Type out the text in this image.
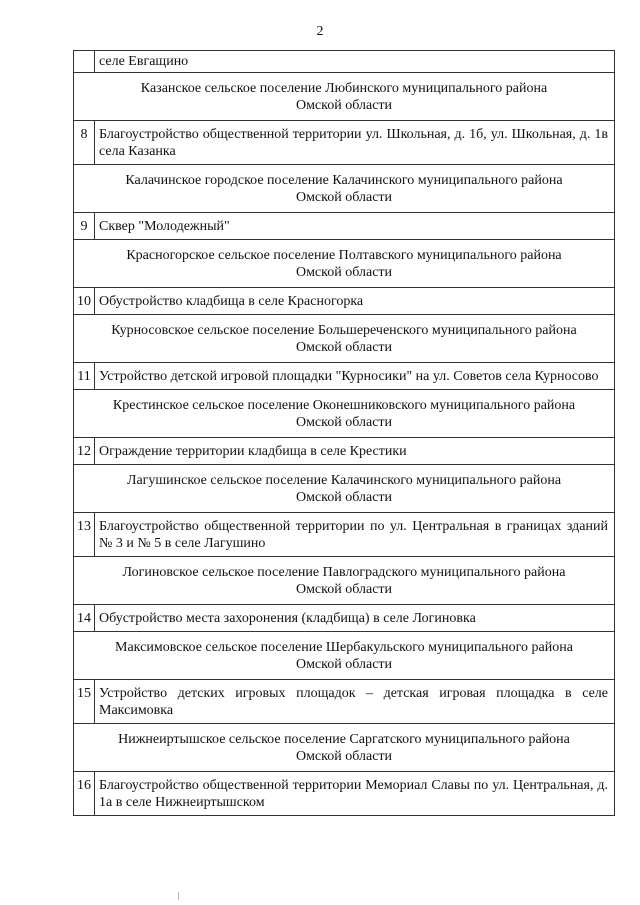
2
	селе Евгащино

Казанское сельское поселение Любинского муниципального района
Омской области	

8	Благоустройство общественной территории ул. Школьная, д. 1б, ул. Школьная, д. 1в села Казанка

Калачинское городское поселение Калачинского муниципального района
Омской области	

9	Сквер "Молодежный"

Красногорское сельское поселение Полтавского муниципального района
Омской области	

10	Обустройство кладбища в селе Красногорка

Курносовское сельское поселение Большереченского муниципального района
Омской области	

11	Устройство детской игровой площадки "Курносики" на ул. Советов села Курносово

Крестинское сельское поселение Оконешниковского муниципального района
Омской области	

12	Ограждение территории кладбища в селе Крестики

Лагушинское сельское поселение Калачинского муниципального района
Омской области	

13	Благоустройство общественной территории по ул. Центральная в границах зданий № 3 и № 5 в селе Лагушино

Логиновское сельское поселение Павлоградского муниципального района
Омской области	

14	Обустройство места захоронения (кладбища) в селе Логиновка

Максимовское сельское поселение Шербакульского муниципального района
Омской области	

15	Устройство детских игровых площадок – детская игровая площадка в селе Максимовка

Нижнеиртышское сельское поселение Саргатского муниципального района
Омской области	

16	Благоустройство общественной территории Мемориал Славы по ул. Центральная, д. 1а в селе Нижнеиртышском
